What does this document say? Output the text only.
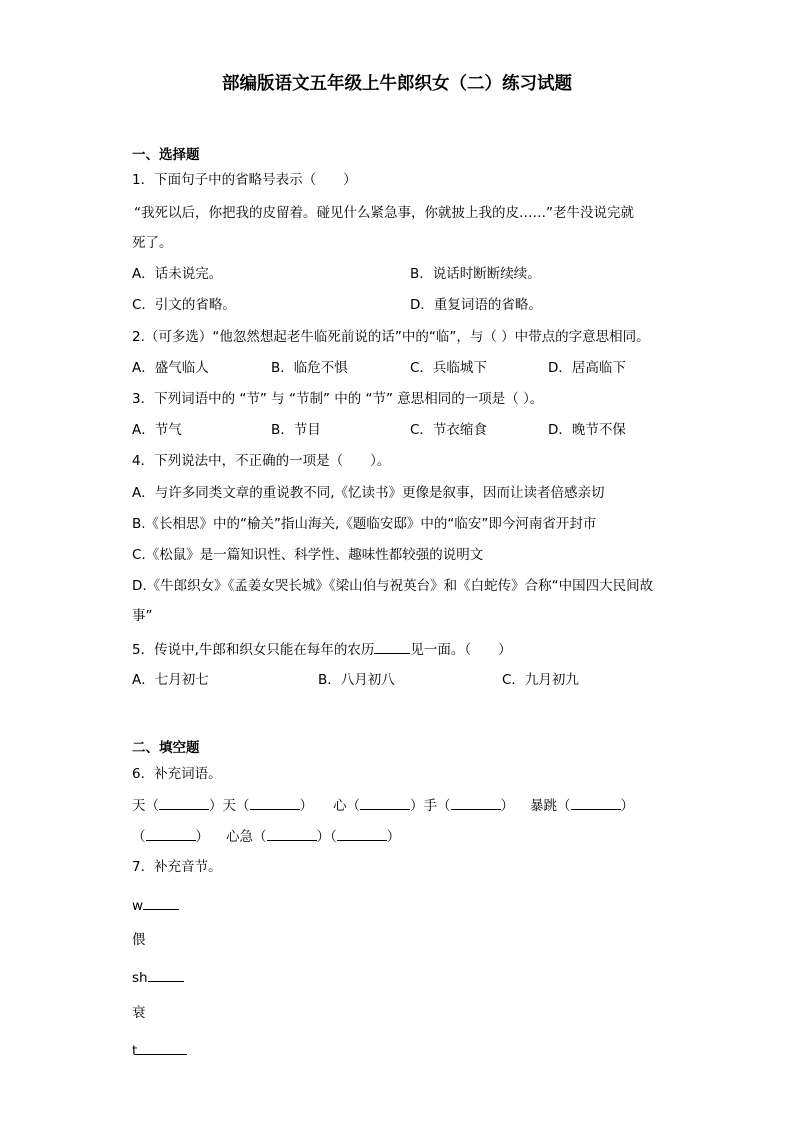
部编版语文五年级上牛郎织女（二）练习试题
一、选择题
1．下面句子中的省略号表示（　　）
“我死以后，你把我的皮留着。碰见什么紧急事，你就披上我的皮……”老牛没说完就
死了。
A．话未说完。	B．说话时断断续续。
C．引文的省略。	D．重复词语的省略。
2.（可多选）“他忽然想起老牛临死前说的话”中的“临”，与（ ）中带点的字意思相同。
A．盛气临人	B．临危不惧	C．兵临城下	D．居高临下
3．下列词语中的 “节” 与 “节制” 中的 “节” 意思相同的一项是（ ）。
A．节气	B．节目	C．节衣缩食	D．晚节不保
4．下列说法中，不正确的一项是（　　）。
A．与许多同类文章的重说教不同,《忆读书》更像是叙事，因而让读者倍感亲切
B.《长相思》中的“榆关”指山海关,《题临安邸》中的“临安”即今河南省开封市
C.《松鼠》是一篇知识性、科学性、趣味性都较强的说明文
D.《牛郎织女》《孟姜女哭长城》《梁山伯与祝英台》和《白蛇传》合称“中国四大民间故
事”
5．传说中,牛郎和织女只能在每年的农历	见一面。（　　）
A．七月初七	B．八月初八	C．九月初九
二、填空题
6．补充词语。
天（	）天（	） 心（	）手（	） 暴跳（	）
（	） 心急（	）（	）
7．补充音节。
w
偎
sh
衰
t
